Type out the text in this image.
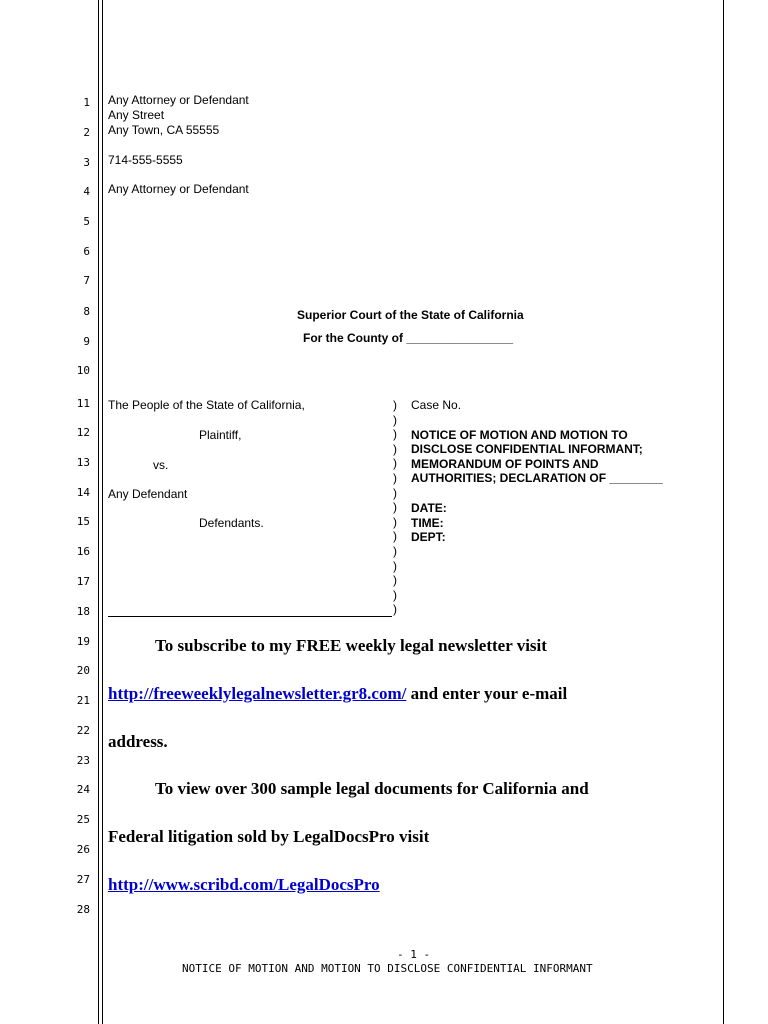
1
2
3
4
5
6
7
8
9
10
11
12
13
14
15
16
17
18
19
20
21
22
23
24
25
26
27
28
Any Attorney or Defendant
Any Street
Any Town, CA 55555
714-555-5555
Any Attorney or Defendant
Superior Court of the State of California
For the County of ________________
The People of the State of California,
Plaintiff,
vs.
Any Defendant
Defendants.
)
)
)
)
)
)
)
)
)
)
)
)
)
)
)
Case No.
NOTICE OF MOTION AND MOTION TO
DISCLOSE CONFIDENTIAL INFORMANT;
MEMORANDUM OF POINTS AND
AUTHORITIES; DECLARATION OF ________
DATE:
TIME:
DEPT:
To subscribe to my FREE weekly legal newsletter visit
http://freeweeklylegalnewsletter.gr8.com/ and enter your e-mail
address.
To view over 300 sample legal documents for California and
Federal litigation sold by LegalDocsPro visit
http://www.scribd.com/LegalDocsPro
- 1 -
NOTICE OF MOTION AND MOTION TO DISCLOSE CONFIDENTIAL INFORMANT
